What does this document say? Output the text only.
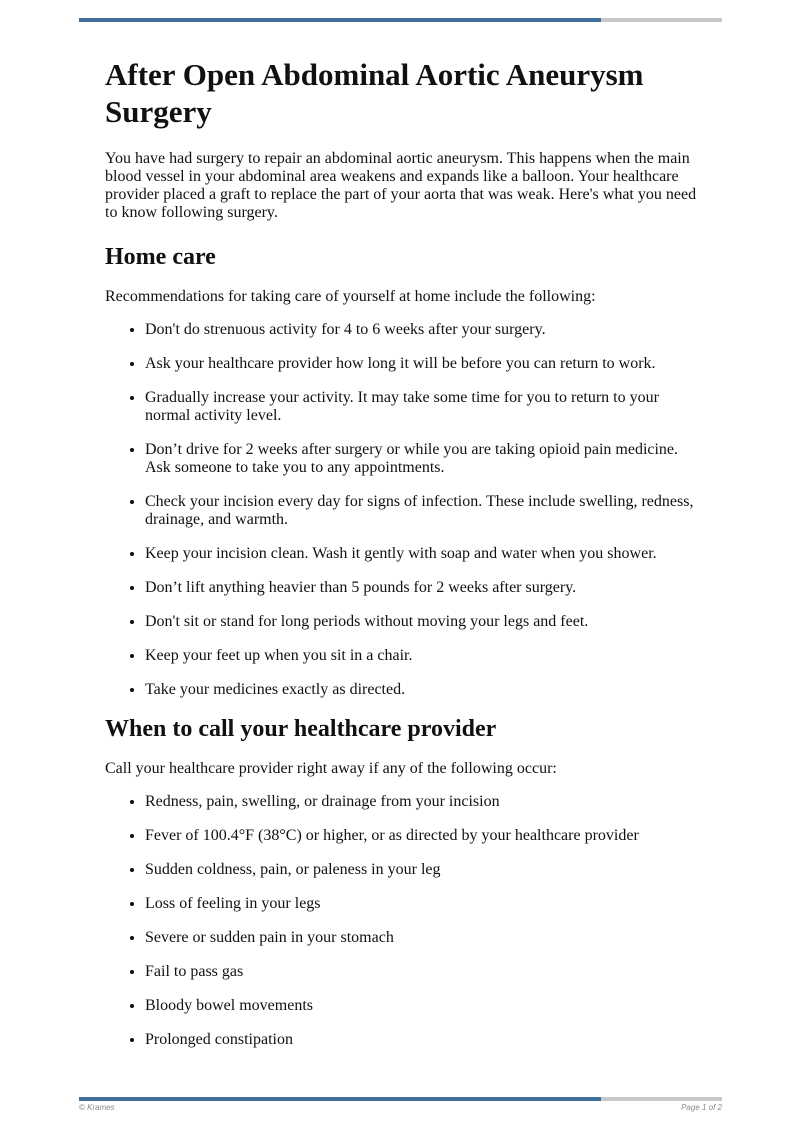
After Open Abdominal Aortic Aneurysm Surgery

You have had surgery to repair an abdominal aortic aneurysm. This happens when the main blood vessel in your abdominal area weakens and expands like a balloon. Your healthcare provider placed a graft to replace the part of your aorta that was weak. Here's what you need to know following surgery.

Home care

Recommendations for taking care of yourself at home include the following:

• Don't do strenuous activity for 4 to 6 weeks after your surgery.
• Ask your healthcare provider how long it will be before you can return to work.
• Gradually increase your activity. It may take some time for you to return to your normal activity level.
• Don’t drive for 2 weeks after surgery or while you are taking opioid pain medicine. Ask someone to take you to any appointments.
• Check your incision every day for signs of infection. These include swelling, redness, drainage, and warmth.
• Keep your incision clean. Wash it gently with soap and water when you shower.
• Don’t lift anything heavier than 5 pounds for 2 weeks after surgery.
• Don't sit or stand for long periods without moving your legs and feet.
• Keep your feet up when you sit in a chair.
• Take your medicines exactly as directed.
When to call your healthcare provider

Call your healthcare provider right away if any of the following occur:

• Redness, pain, swelling, or drainage from your incision
• Fever of 100.4°F (38°C) or higher, or as directed by your healthcare provider
• Sudden coldness, pain, or paleness in your leg
• Loss of feeling in your legs
• Severe or sudden pain in your stomach
• Fail to pass gas
• Bloody bowel movements
• Prolonged constipation
© Krames	Page 1 of 2
